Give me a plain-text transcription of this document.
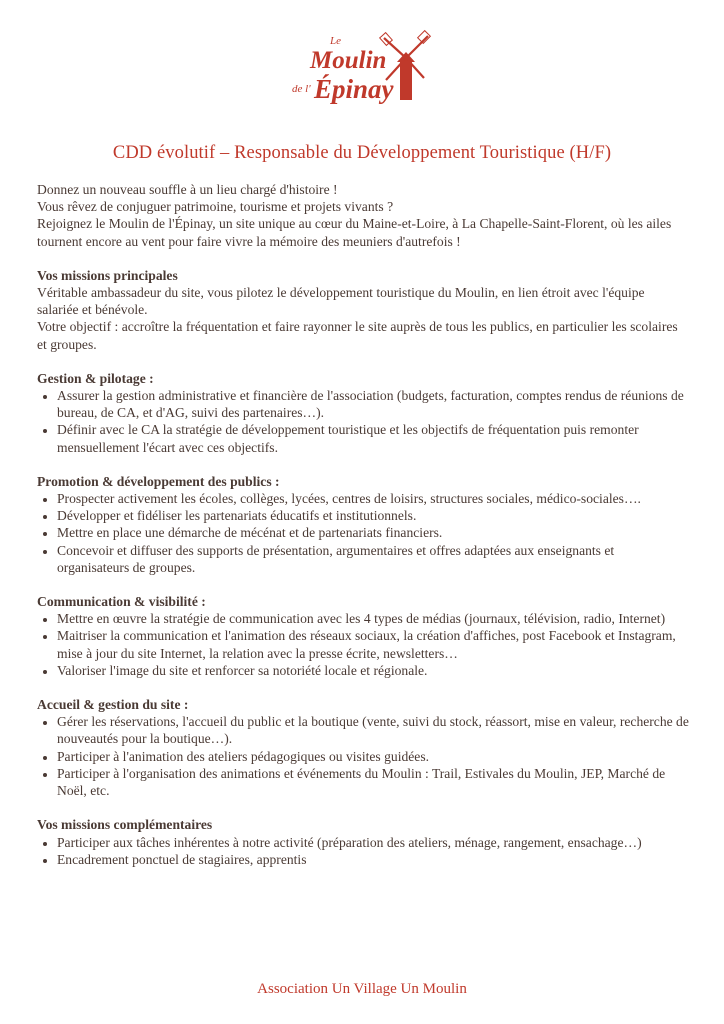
Le
Moulin
de l' Épinay
CDD évolutif – Responsable du Développement Touristique (H/F)

Donnez un nouveau souffle à un lieu chargé d'histoire !

Vous rêvez de conjuguer patrimoine, tourisme et projets vivants ?

Rejoignez le Moulin de l'Épinay, un site unique au cœur du Maine-et-Loire, à La Chapelle-Saint-Florent, où les ailes tournent encore au vent pour faire vivre la mémoire des meuniers d'autrefois !

Vos missions principales

Véritable ambassadeur du site, vous pilotez le développement touristique du Moulin, en lien étroit avec l'équipe salariée et bénévole.

Votre objectif : accroître la fréquentation et faire rayonner le site auprès de tous les publics, en particulier les scolaires et groupes.

Gestion & pilotage :

• Assurer la gestion administrative et financière de l'association (budgets, facturation, comptes rendus de réunions de bureau, de CA, et d'AG, suivi des partenaires…).
• Définir avec le CA la stratégie de développement touristique et les objectifs de fréquentation puis remonter mensuellement l'écart avec ces objectifs.

Promotion & développement des publics :

• Prospecter activement les écoles, collèges, lycées, centres de loisirs, structures sociales, médico-sociales….
• Développer et fidéliser les partenariats éducatifs et institutionnels.
• Mettre en place une démarche de mécénat et de partenariats financiers.
• Concevoir et diffuser des supports de présentation, argumentaires et offres adaptées aux enseignants et organisateurs de groupes.

Communication & visibilité :

• Mettre en œuvre la stratégie de communication avec les 4 types de médias (journaux, télévision, radio, Internet)
• Maitriser la communication et l'animation des réseaux sociaux, la création d'affiches, post Facebook et Instagram, mise à jour du site Internet, la relation avec la presse écrite, newsletters…
• Valoriser l'image du site et renforcer sa notoriété locale et régionale.

Accueil & gestion du site :

• Gérer les réservations, l'accueil du public et la boutique (vente, suivi du stock, réassort, mise en valeur, recherche de nouveautés pour la boutique…).
• Participer à l'animation des ateliers pédagogiques ou visites guidées.
• Participer à l'organisation des animations et événements du Moulin : Trail, Estivales du Moulin, JEP, Marché de Noël, etc.

Vos missions complémentaires

• Participer aux tâches inhérentes à notre activité (préparation des ateliers, ménage, rangement, ensachage…)
• Encadrement ponctuel de stagiaires, apprentis
Association Un Village Un Moulin
